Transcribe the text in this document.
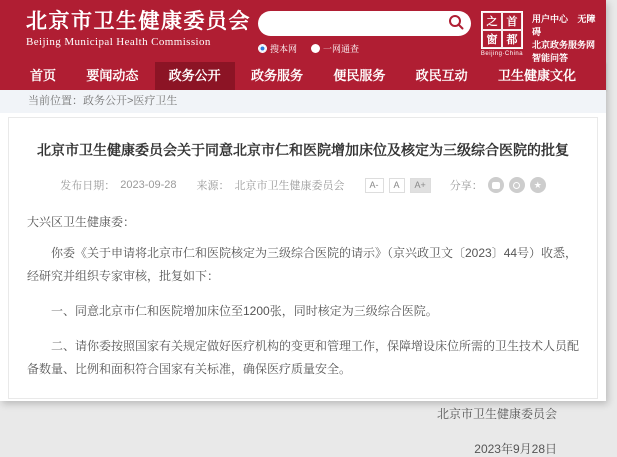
北京市卫生健康委员会
Beijing Municipal Health Commission
搜本网	一网通查
之 首
窗 都
Beijing·China
用户中心 无障碍
北京政务服务网
智能问答
首页	要闻动态	政务公开	政务服务	便民服务	政民互动	卫生健康文化
当前位置：政务公开>医疗卫生
北京市卫生健康委员会关于同意北京市仁和医院增加床位及核定为三级综合医院的批复
发布日期： 2023-09-28 来源： 北京市卫生健康委员会	A-	A	A+	分享：	★

大兴区卫生健康委：

你委《关于申请将北京市仁和医院核定为三级综合医院的请示》（京兴政卫文〔2023〕44号）收悉，经研究并组织专家审核，批复如下：

一、同意北京市仁和医院增加床位至1200张，同时核定为三级综合医院。

二、请你委按照国家有关规定做好医疗机构的变更和管理工作，保障增设床位所需的卫生技术人员配备数量、比例和面积符合国家有关标准，确保医疗质量安全。

北京市卫生健康委员会
2023年9月28日
